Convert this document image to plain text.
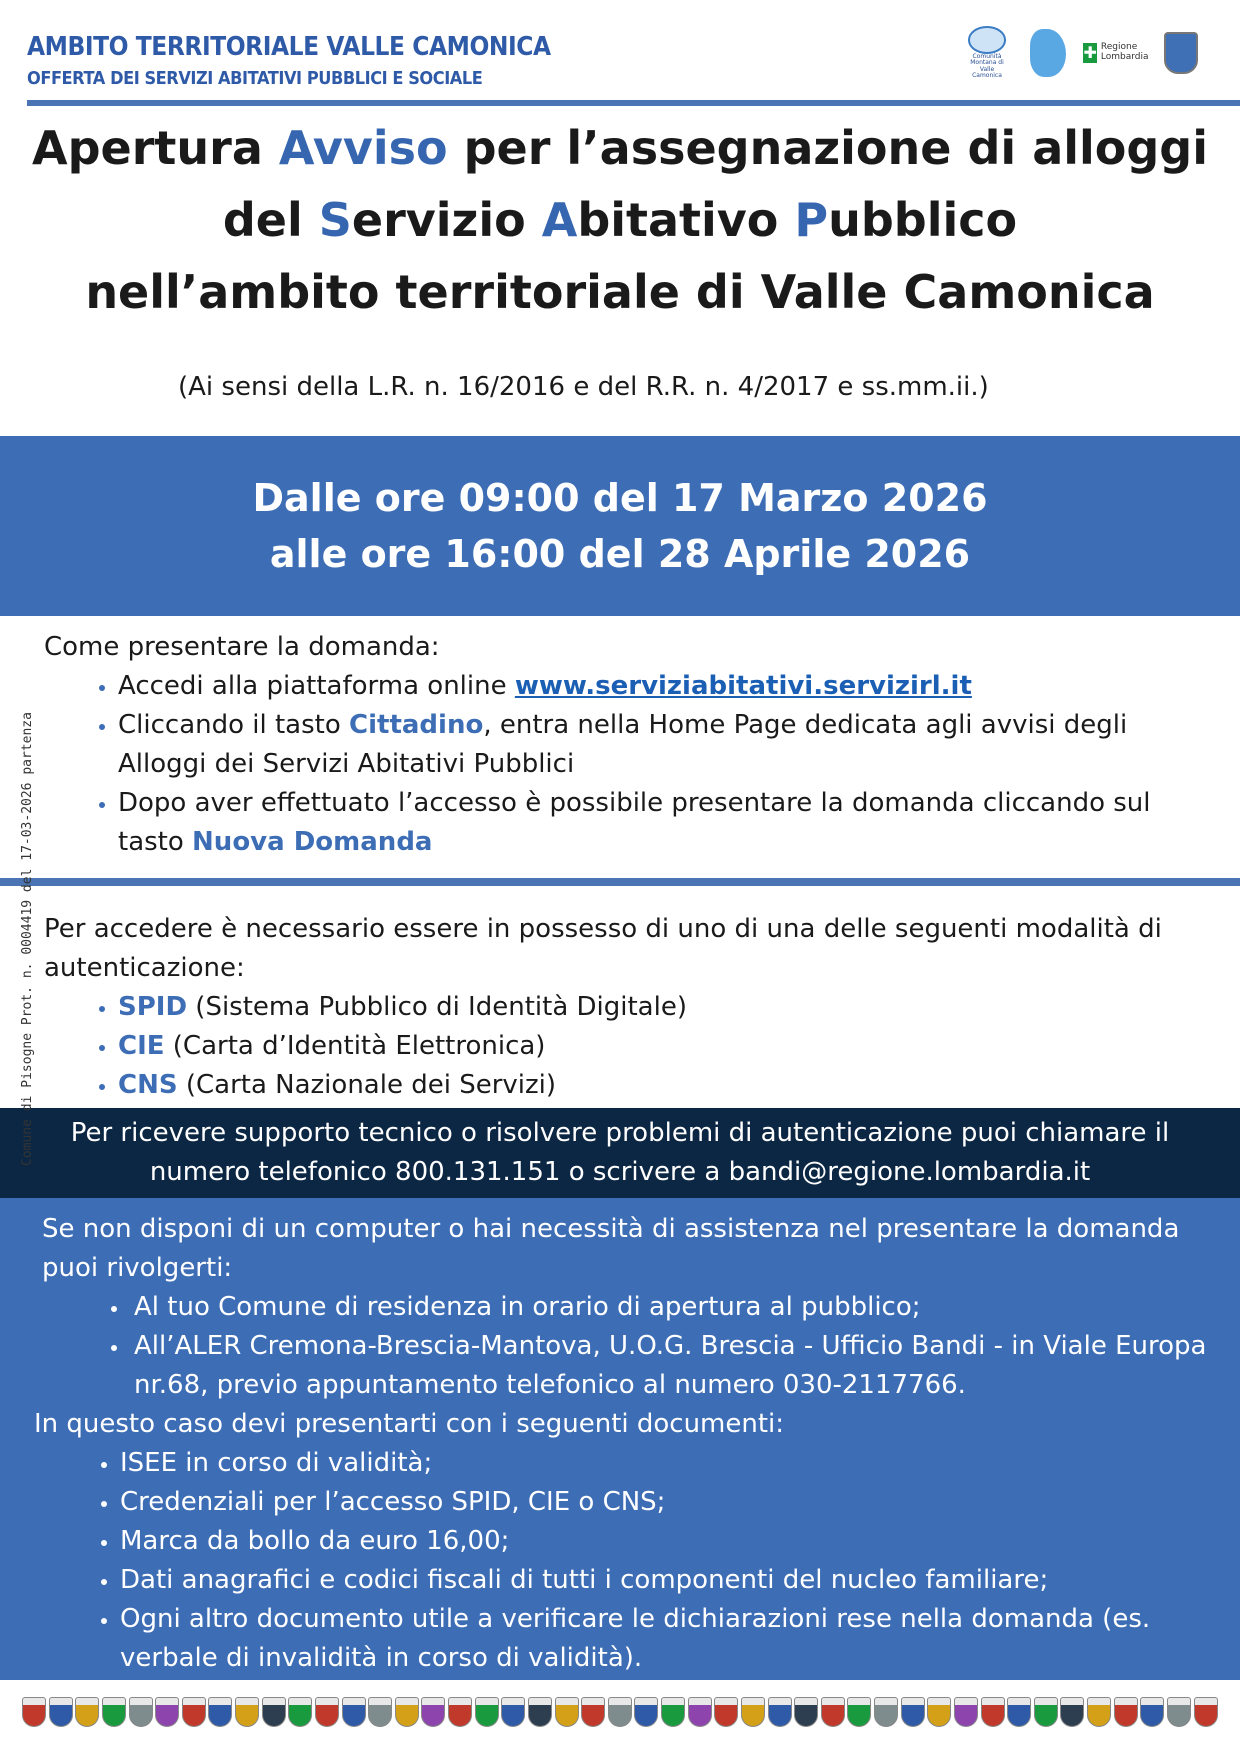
AMBITO TERRITORIALE VALLE CAMONICA
OFFERTA DEI SERVIZI ABITATIVI PUBBLICI E SOCIALE
Comunità Montana di Valle Camonica
✚ Regione Lombardia
Apertura Avviso per l’assegnazione di alloggi
del Servizio Abitativo Pubblico
nell’ambito territoriale di Valle Camonica
(Ai sensi della L.R. n. 16/2016 e del R.R. n. 4/2017 e ss.mm.ii.)
Dalle ore 09:00 del 17 Marzo 2026
alle ore 16:00 del 28 Aprile 2026
Come presentare la domanda:
• Accedi alla piattaforma online www.serviziabitativi.servizirl.it
• Cliccando il tasto Cittadino, entra nella Home Page dedicata agli avvisi degli Alloggi dei Servizi Abitativi Pubblici
• Dopo aver effettuato l’accesso è possibile presentare la domanda cliccando sul tasto Nuova Domanda
Per accedere è necessario essere in possesso di uno di una delle seguenti modalità di autenticazione:
• SPID (Sistema Pubblico di Identità Digitale)
• CIE (Carta d’Identità Elettronica)
• CNS (Carta Nazionale dei Servizi)
Per ricevere supporto tecnico o risolvere problemi di autenticazione puoi chiamare il numero telefonico 800.131.151 o scrivere a bandi@regione.lombardia.it

Se non disponi di un computer o hai necessità di assistenza nel presentare la domanda puoi rivolgerti:

• Al tuo Comune di residenza in orario di apertura al pubblico;
• All’ALER Cremona-Brescia-Mantova, U.O.G. Brescia - Ufficio Bandi - in Viale Europa nr.68, previo appuntamento telefonico al numero 030-2117766.

In questo caso devi presentarti con i seguenti documenti:

• ISEE in corso di validità;
• Credenziali per l’accesso SPID, CIE o CNS;
• Marca da bollo da euro 16,00;
• Dati anagrafici e codici fiscali di tutti i componenti del nucleo familiare;
• Ogni altro documento utile a verificare le dichiarazioni rese nella domanda (es. verbale di invalidità in corso di validità).
Comune di Pisogne Prot. n. 0004419 del 17-03-2026 partenza
